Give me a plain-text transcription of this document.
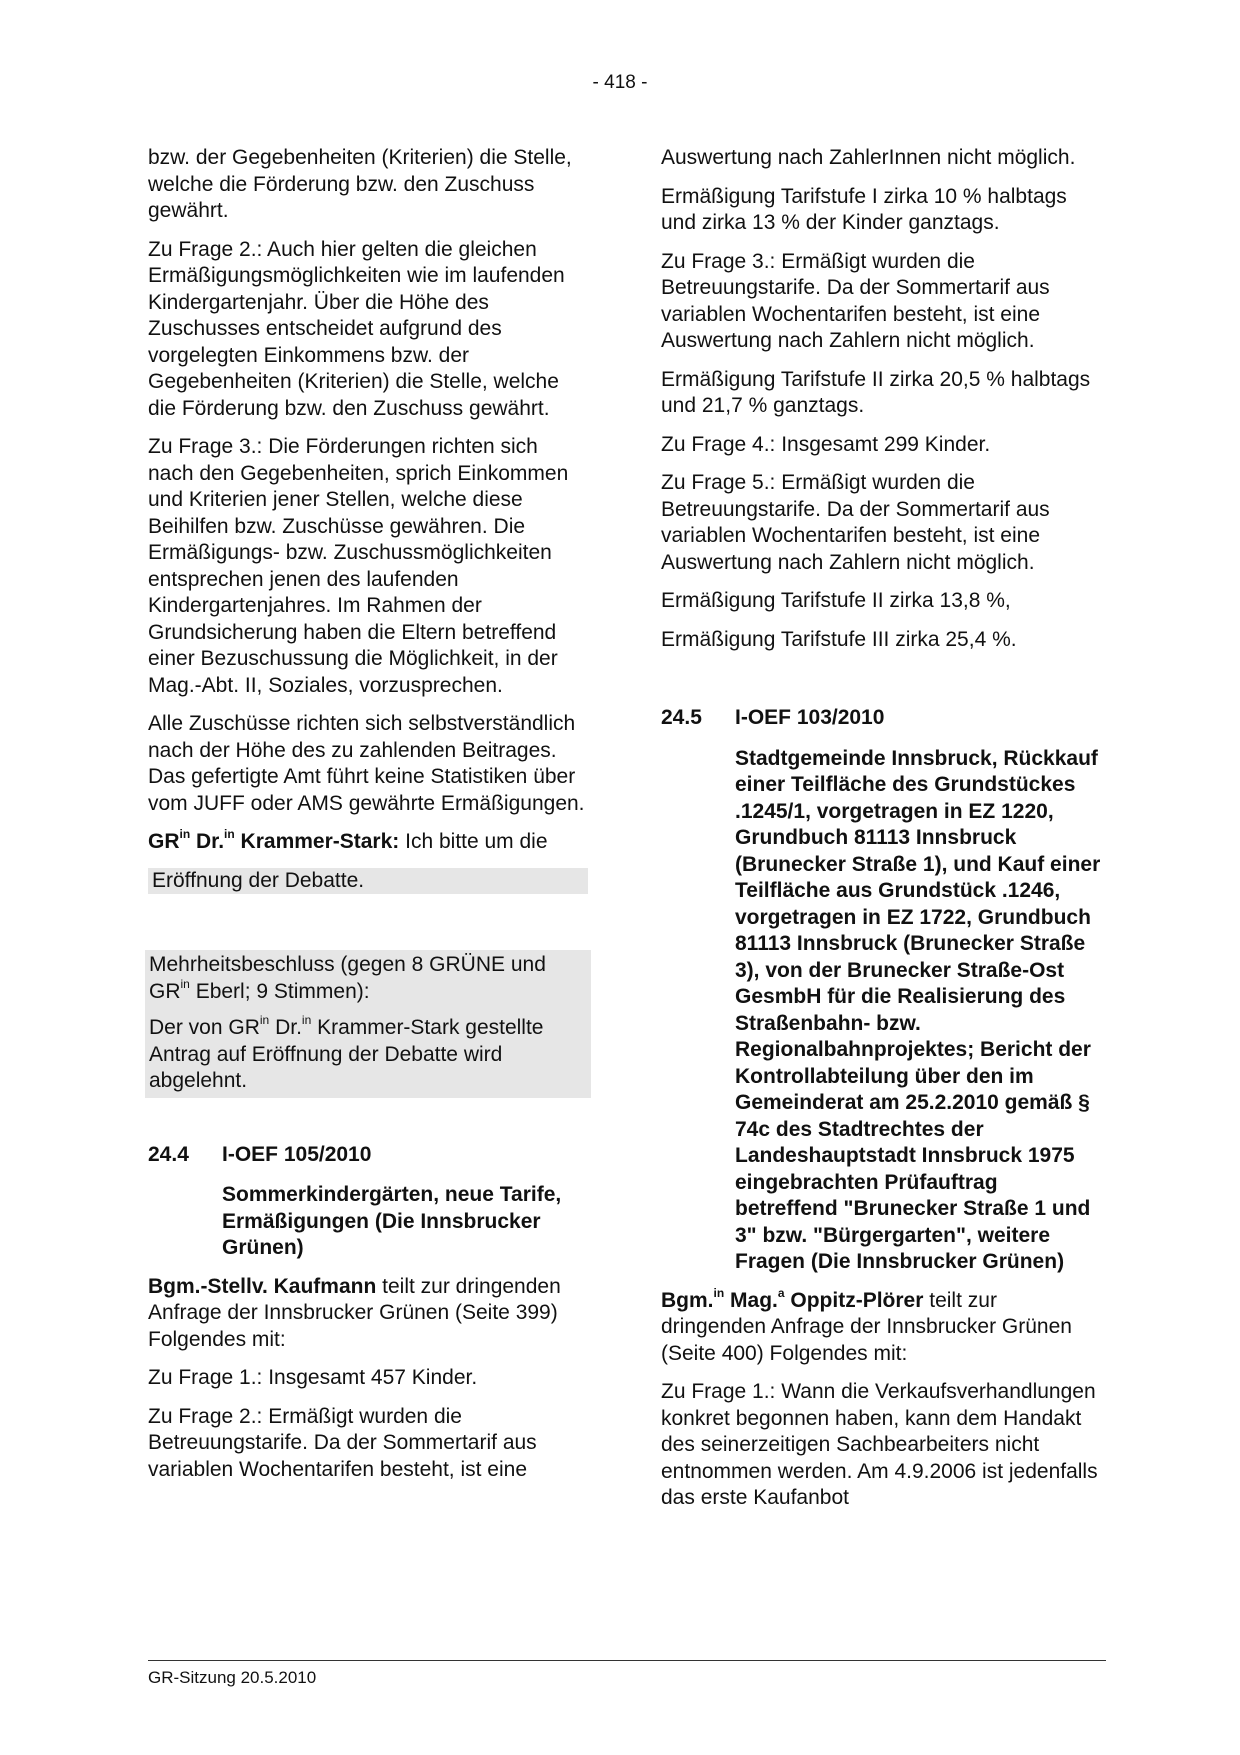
- 418 -

bzw. der Gegebenheiten (Kriterien) die Stelle, welche die Förderung bzw. den Zuschuss gewährt.

Zu Frage 2.: Auch hier gelten die gleichen Ermäßigungsmöglichkeiten wie im laufenden Kindergartenjahr. Über die Höhe des Zuschusses entscheidet aufgrund des vorgelegten Einkommens bzw. der Gegebenheiten (Kriterien) die Stelle, welche die Förderung bzw. den Zuschuss gewährt.

Zu Frage 3.: Die Förderungen richten sich nach den Gegebenheiten, sprich Einkommen und Kriterien jener Stellen, welche diese Beihilfen bzw. Zuschüsse gewähren. Die Ermäßigungs- bzw. Zuschussmöglichkeiten entsprechen jenen des laufenden Kindergartenjahres. Im Rahmen der Grundsicherung haben die Eltern betreffend einer Bezuschussung die Möglichkeit, in der Mag.-Abt. II, Soziales, vorzusprechen.

Alle Zuschüsse richten sich selbstverständlich nach der Höhe des zu zahlenden Beitrages. Das gefertigte Amt führt keine Statistiken über vom JUFF oder AMS gewährte Ermäßigungen.

$GR^{in}$ Dr.$^{in}$ Krammer-Stark: Ich bitte um die

Eröffnung der Debatte.

Mehrheitsbeschluss (gegen 8 GRÜNE und $GR^{in}$ Eberl; 9 Stimmen):

Der von $GR^{in}$ Dr.$^{in}$ Krammer-Stark gestellte Antrag auf Eröffnung der Debatte wird abgelehnt.

24.4	I-OEF 105/2010
Sommerkindergärten, neue Tarife, Ermäßigungen (Die Innsbrucker Grünen)

Bgm.-Stellv. Kaufmann teilt zur dringenden Anfrage der Innsbrucker Grünen (Seite 399) Folgendes mit:

Zu Frage 1.: Insgesamt 457 Kinder.

Zu Frage 2.: Ermäßigt wurden die Betreuungstarife. Da der Sommertarif aus variablen Wochentarifen besteht, ist eine

Auswertung nach ZahlerInnen nicht möglich.

Ermäßigung Tarifstufe I zirka 10 % halbtags und zirka 13 % der Kinder ganztags.

Zu Frage 3.: Ermäßigt wurden die Betreuungstarife. Da der Sommertarif aus variablen Wochentarifen besteht, ist eine Auswertung nach Zahlern nicht möglich.

Ermäßigung Tarifstufe II zirka 20,5 % halbtags und 21,7 % ganztags.

Zu Frage 4.: Insgesamt 299 Kinder.

Zu Frage 5.: Ermäßigt wurden die Betreuungstarife. Da der Sommertarif aus variablen Wochentarifen besteht, ist eine Auswertung nach Zahlern nicht möglich.

Ermäßigung Tarifstufe II zirka 13,8 %,

Ermäßigung Tarifstufe III zirka 25,4 %.

24.5	I-OEF 103/2010
Stadtgemeinde Innsbruck, Rückkauf einer Teilfläche des Grundstückes .1245/1, vorgetragen in EZ 1220, Grundbuch 81113 Innsbruck (Brunecker Straße 1), und Kauf einer Teilfläche aus Grundstück .1246, vorgetragen in EZ 1722, Grundbuch 81113 Innsbruck (Brunecker Straße 3), von der Brunecker Straße-Ost GesmbH für die Realisierung des Straßenbahn- bzw. Regionalbahnprojektes; Bericht der Kontrollabteilung über den im Gemeinderat am 25.2.2010 gemäß § 74c des Stadtrechtes der Landeshauptstadt Innsbruck 1975 eingebrachten Prüfauftrag betreffend "Brunecker Straße 1 und 3" bzw. "Bürgergarten", weitere Fragen (Die Innsbrucker Grünen)

Bgm.$^{in}$ Mag.$^a$ Oppitz-Plörer teilt zur dringenden Anfrage der Innsbrucker Grünen (Seite 400) Folgendes mit:

Zu Frage 1.: Wann die Verkaufsverhandlungen konkret begonnen haben, kann dem Handakt des seinerzeitigen Sachbearbeiters nicht entnommen werden. Am 4.9.2006 ist jedenfalls das erste Kaufanbot

GR-Sitzung 20.5.2010
